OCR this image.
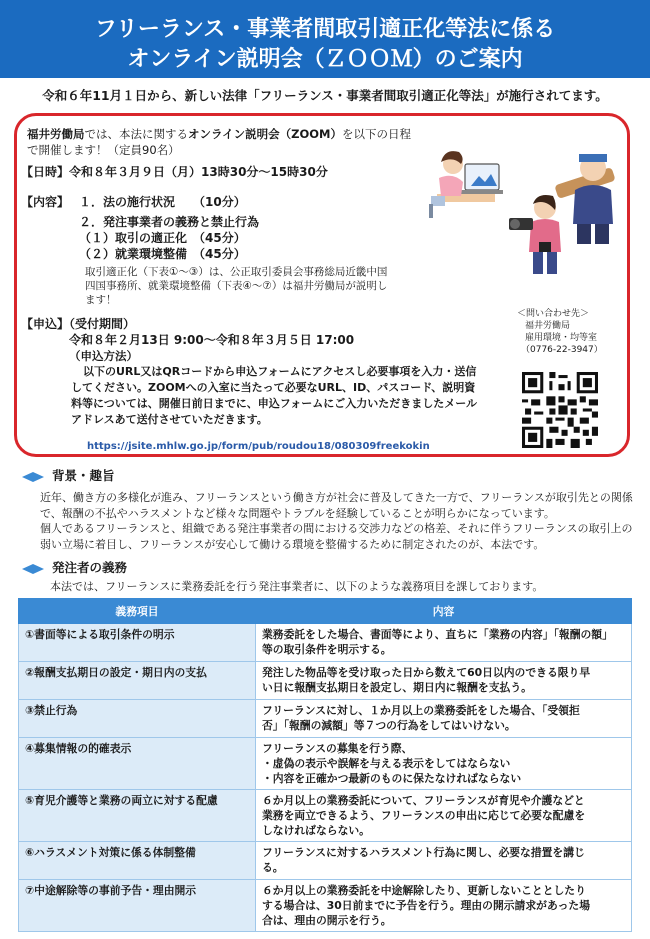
フリーランス・事業者間取引適正化等法に係る
オンライン説明会（ＺＯＯＭ）のご案内
令和６年11月１日から、新しい法律「フリーランス・事業者間取引適正化等法」が施行されてます。
福井労働局では、本法に関するオンライン説明会（ZOOM）を以下の日程
で開催します！（定員90名）
【日時】令和８年３月９日（月）13時30分～15時30分
【内容】 １．法の施行状況　　（10分）
２．発注事業者の義務と禁止行為
（１）取引の適正化　（45分）
（２）就業環境整備　（45分）
取引適正化（下表①～③）は、公正取引委員会事務総局近畿中国
四国事務所、就業環境整備（下表④～⑦）は福井労働局が説明し
ます！
【申込】（受付期間）
令和８年２月13日 9:00～令和８年３月５日 17:00
（申込方法）
以下のURL又はQRコードから申込フォームにアクセスし必要事項を入力・送信
してください。ZOOMへの入室に当たって必要なURL、ID、パスコード、説明資
料等については、開催日前日までに、申込フォームにご入力いただきましたメール
アドレスあて送付させていただきます。
https://jsite.mhlw.go.jp/form/pub/roudou18/080309freekokin
＜問い合わせ先＞
福井労働局
雇用環境・均等室
（0776-22-3947）
背景・趣旨
近年、働き方の多様化が進み、フリーランスという働き方が社会に普及してきた一方で、フリーランスが取引先との関係
で、報酬の不払やハラスメントなど様々な問題やトラブルを経験していることが明らかになっています。
個人であるフリーランスと、組織である発注事業者の間における交渉力などの格差、それに伴うフリーランスの取引上の
弱い立場に着目し、フリーランスが安心して働ける環境を整備するために制定されたのが、本法です。
発注者の義務
本法では、フリーランスに業務委託を行う発注事業者に、以下のような義務項目を課しております。
義務項目	内容
①書面等による取引条件の明示	業務委託をした場合、書面等により、直ちに「業務の内容」「報酬の額」
等の取引条件を明示する。

②報酬支払期日の設定・期日内の支払	発注した物品等を受け取った日から数えて60日以内のできる限り早
い日に報酬支払期日を設定し、期日内に報酬を支払う。

③禁止行為	フリーランスに対し、１か月以上の業務委託をした場合、「受領拒
否」「報酬の減額」等７つの行為をしてはいけない。

④募集情報の的確表示	フリーランスの募集を行う際、
・虚偽の表示や誤解を与える表示をしてはならない
・内容を正確かつ最新のものに保たなければならない

⑤育児介護等と業務の両立に対する配慮	６か月以上の業務委託について、フリーランスが育児や介護などと
業務を両立できるよう、フリーランスの申出に応じて必要な配慮を
しなければならない。

⑥ハラスメント対策に係る体制整備	フリーランスに対するハラスメント行為に関し、必要な措置を講じ
る。

⑦中途解除等の事前予告・理由開示	６か月以上の業務委託を中途解除したり、更新しないこととしたり
する場合は、30日前までに予告を行う。理由の開示請求があった場
合は、理由の開示を行う。
